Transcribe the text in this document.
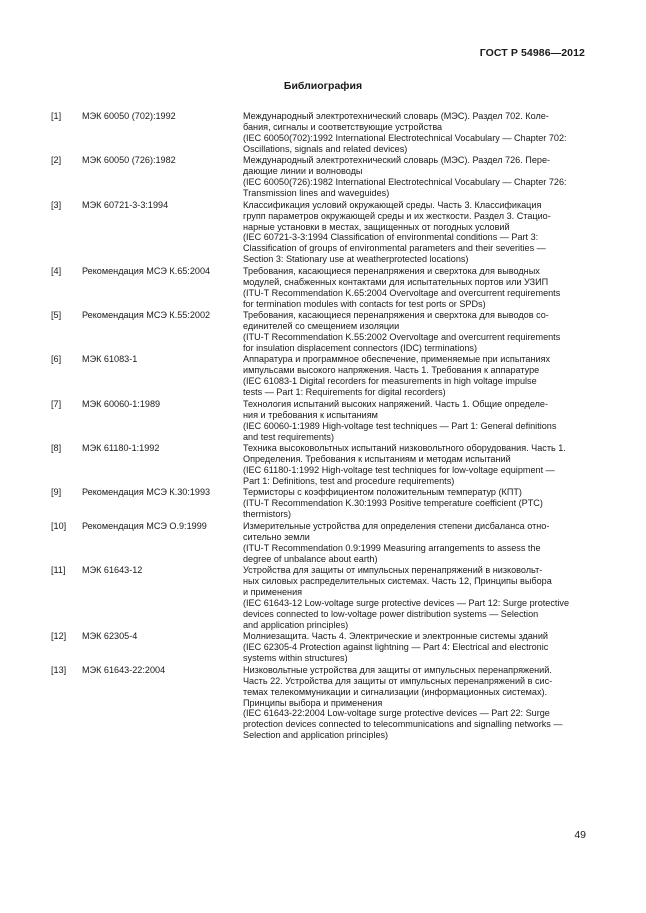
ГОСТ Р 54986—2012
Библиография
[1]	МЭК 60050 (702):1992	Международный электротехнический словарь (МЭС). Раздел 702. Коле-
бания, сигналы и соответствующие устройства
(IEC 60050(702):1992 International Electrotechnical Vocabulary — Chapter 702:
Oscillations, signals and related devices)
[2]	МЭК 60050 (726):1982	Международный электротехнический словарь (МЭС). Раздел 726. Пере-
дающие линии и волноводы
(IEC 60050(726):1982 International Electrotechnical Vocabulary — Chapter 726:
Transmission lines and waveguides)
[3]	МЭК 60721-3-3:1994	Классификация условий окружающей среды. Часть 3. Классификация
групп параметров окружающей среды и их жесткости. Раздел 3. Стацио-
нарные установки в местах, защищенных от погодных условий
(IEC 60721-3-3:1994 Classification of environmental conditions — Part 3:
Classification of groups of environmental parameters and their severities —
Section 3: Stationary use at weatherprotected locations)
[4]	Рекомендация МСЭ К.65:2004	Требования, касающиеся перенапряжения и сверхтока для выводных
модулей, снабженных контактами для испытательных портов или УЗИП
(ITU-T Recommendation K.65:2004 Overvoltage and overcurrent requirements
for termination modules with contacts for test ports or SPDs)
[5]	Рекомендация МСЭ К.55:2002	Требования, касающиеся перенапряжения и сверхтока для выводов со-
единителей со смещением изоляции
(ITU-T Recommendation K.55:2002 Overvoltage and overcurrent requirements
for insulation displacement connectors (IDC) terminations)
[6]	МЭК 61083-1	Аппаратура и программное обеспечение, применяемые при испытаниях
импульсами высокого напряжения. Часть 1. Требования к аппаратуре
(IEC 61083-1 Digital recorders for measurements in high voltage impulse
tests — Part 1: Requirements for digital recorders)
[7]	МЭК 60060-1:1989	Технология испытаний высоких напряжений. Часть 1. Общие определе-
ния и требования к испытаниям
(IEC 60060-1:1989 High-voltage test techniques — Part 1: General definitions
and test requirements)
[8]	МЭК 61180-1:1992	Техника высоковольтных испытаний низковольтного оборудования. Часть 1.
Определения. Требования к испытаниям и методам испытаний
(IEC 61180-1:1992 High-voltage test techniques for low-voltage equipment —
Part 1: Definitions, test and procedure requirements)
[9]	Рекомендация МСЭ К.30:1993	Термисторы с коэффициентом положительным температур (КПТ)
(ITU-T Recommendation K.30:1993 Positive temperature coefficient (PTC)
thermistors)
[10]	Рекомендация МСЭ О.9:1999	Измерительные устройства для определения степени дисбаланса отно-
сительно земли
(ITU-T Recommendation 0.9:1999 Measuring arrangements to assess the
degree of unbalance about earth)
[11]	МЭК 61643-12	Устройства для защиты от импульсных перенапряжений в низковольт-
ных силовых распределительных системах. Часть 12, Принципы выбора
и применения
(IEC 61643-12 Low-voltage surge protective devices — Part 12: Surge protective
devices connected to low-voltage power distribution systems — Selection
and application principles)
[12]	МЭК 62305-4	Молниезащита. Часть 4. Электрические и электронные системы зданий
(IEC 62305-4 Protection against lightning — Part 4: Electrical and electronic
systems within structures)
[13]	МЭК 61643-22:2004	Низковольтные устройства для защиты от импульсных перенапряжений.
Часть 22. Устройства для защиты от импульсных перенапряжений в сис-
темах телекоммуникации и сигнализации (информационных системах).
Принципы выбора и применения
(IEC 61643-22:2004 Low-voltage surge protective devices — Part 22: Surge
protection devices connected to telecommunications and signalling networks —
Selection and application principles)
49
